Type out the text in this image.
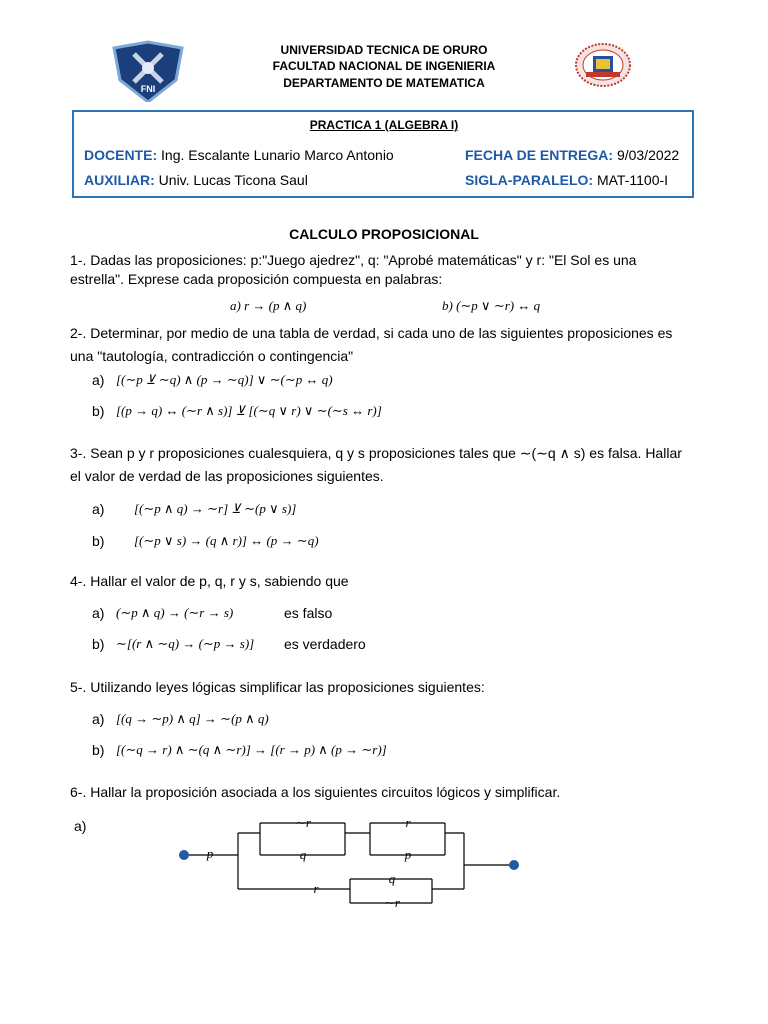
FNI
UNIVERSIDAD TECNICA DE ORURO
FACULTAD NACIONAL DE INGENIERIA
DEPARTAMENTO DE MATEMATICA
PRACTICA 1 (ALGEBRA I)
DOCENTE: Ing. Escalante Lunario Marco Antonio	FECHA DE ENTREGA: 9/03/2022
AUXILIAR: Univ. Lucas Ticona Saul	SIGLA-PARALELO: MAT-1100-I
CALCULO PROPOSICIONAL
1-. Dadas las proposiciones: p:"Juego ajedrez", q: "Aprobé matemáticas" y r: "El Sol es una
estrella". Exprese cada proposición compuesta en palabras:
a) r → (p ∧ q)	b) (∼p ∨ ∼r) ↔ q
2-. Determinar, por medio de una tabla de verdad, si cada uno de las siguientes proposiciones es
una "tautología, contradicción o contingencia"
a) [(∼p ⊻ ∼q) ∧ (p → ∼q)] ∨ ∼(∼p ↔ q)
b) [(p → q) ↔ (∼r ∧ s)] ⊻ [(∼q ∨ r) ∨ ∼(∼s ↔ r)]
3-. Sean p y r proposiciones cualesquiera, q y s proposiciones tales que ∼(∼q ∧ s) es falsa. Hallar
el valor de verdad de las proposiciones siguientes.
a) [(∼p ∧ q) → ∼r] ⊻ ∼(p ∨ s)]
b) [(∼p ∨ s) → (q ∧ r)] ↔ (p → ∼q)
4-. Hallar el valor de p, q, r y s, sabiendo que
a) (∼p ∧ q) → (∼r → s)	es falso
b) ∼[(r ∧ ∼q) → (∼p → s)] es verdadero
5-. Utilizando leyes lógicas simplificar las proposiciones siguientes:
a) [(q → ∼p) ∧ q] → ∼(p ∧ q)
b) [(∼q → r) ∧ ∼(q ∧ ∼r)] → [(r → p) ∧ (p → ∼r)]
6-. Hallar la proposición asociada a los siguientes circuitos lógicos y simplificar.
a)
p
∼r
q
r
p
r
q
∼r
